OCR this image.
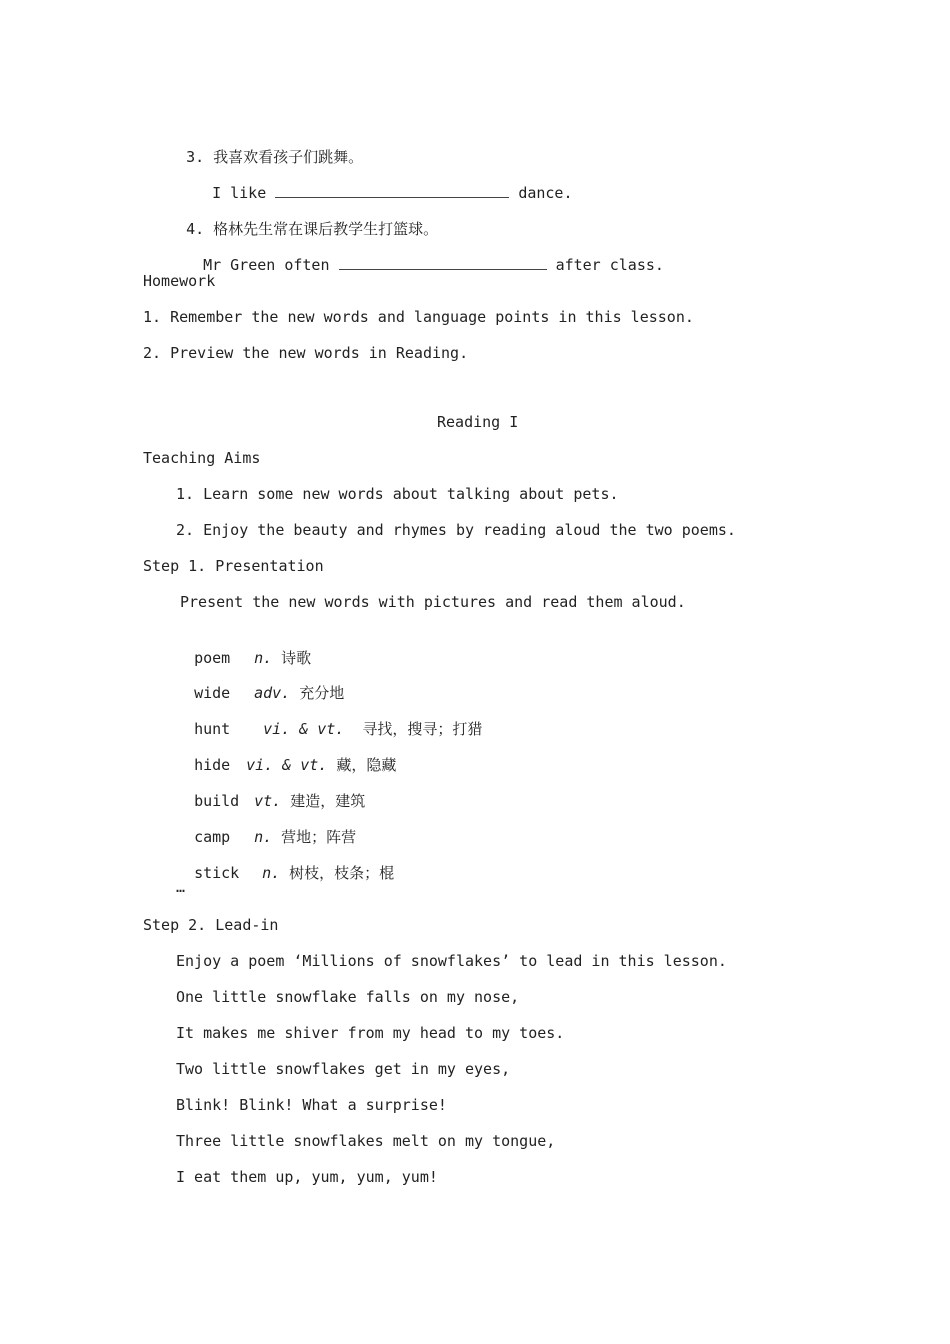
3. 我喜欢看孩子们跳舞。

I like	dance.

4. 格林先生常在课后教学生打篮球。

Mr Green often	after class.

Homework
1. Remember the new words and language points in this lesson.
2. Preview the new words in Reading.
Reading I
Teaching Aims
1. Learn some new words about talking about pets.
2. Enjoy the beauty and rhymes by reading aloud the two poems.
Step 1. Presentation
Present the new words with pictures and read them aloud.

poem n. 诗歌

wide adv. 充分地

hunt vi. & vt. 寻找，搜寻；打猎

hide vi. & vt. 藏，隐藏

build vt. 建造，建筑

camp n. 营地；阵营

stick n. 树枝，枝条；棍

…
Step 2. Lead-in
Enjoy a poem ‘Millions of snowflakes’ to lead in this lesson.
One little snowflake falls on my nose,
It makes me shiver from my head to my toes.
Two little snowflakes get in my eyes,
Blink! Blink! What a surprise!
Three little snowflakes melt on my tongue,
I eat them up, yum, yum, yum!
